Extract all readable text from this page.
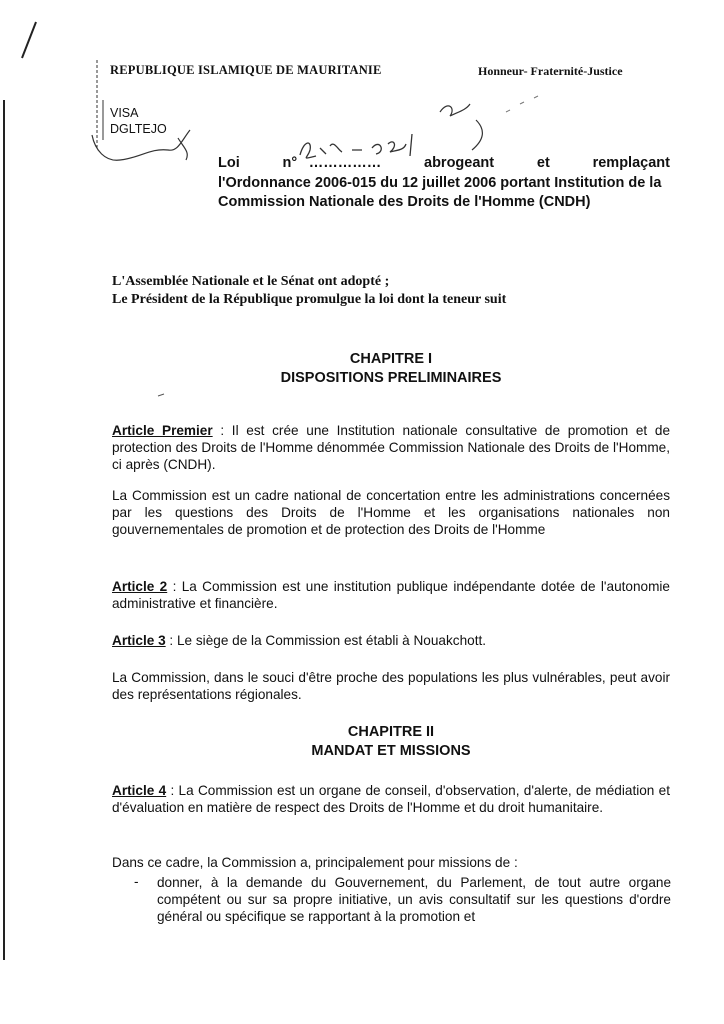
REPUBLIQUE ISLAMIQUE DE MAURITANIE	Honneur- Fraternité-Justice
VISA
DGLTEJO
Loi	n° ……………	abrogeant	et	remplaçant
l'Ordonnance 2006-015 du 12 juillet 2006 portant Institution de la Commission Nationale des Droits de l'Homme (CNDH)
L'Assemblée Nationale et le Sénat ont adopté ;
Le Président de la République promulgue la loi dont la teneur suit
CHAPITRE I
DISPOSITIONS PRELIMINAIRES
Article Premier : Il est crée une Institution nationale consultative de promotion et de protection des Droits de l'Homme dénommée Commission Nationale des Droits de l'Homme, ci après (CNDH).
La Commission est un cadre national de concertation entre les administrations concernées par les questions des Droits de l'Homme et les organisations nationales non gouvernementales de promotion et de protection des Droits de l'Homme
Article 2 : La Commission est une institution publique indépendante dotée de l'autonomie administrative et financière.
Article 3 : Le siège de la Commission est établi à Nouakchott.
La Commission, dans le souci d'être proche des populations les plus vulnérables, peut avoir des représentations régionales.
CHAPITRE II
MANDAT ET MISSIONS
Article 4 : La Commission est un organe de conseil, d'observation, d'alerte, de médiation et d'évaluation en matière de respect des Droits de l'Homme et du droit humanitaire.
Dans ce cadre, la Commission a, principalement pour missions de :
- donner, à la demande du Gouvernement, du Parlement, de tout autre organe compétent ou sur sa propre initiative, un avis consultatif sur les questions d'ordre général ou spécifique se rapportant à la promotion et
